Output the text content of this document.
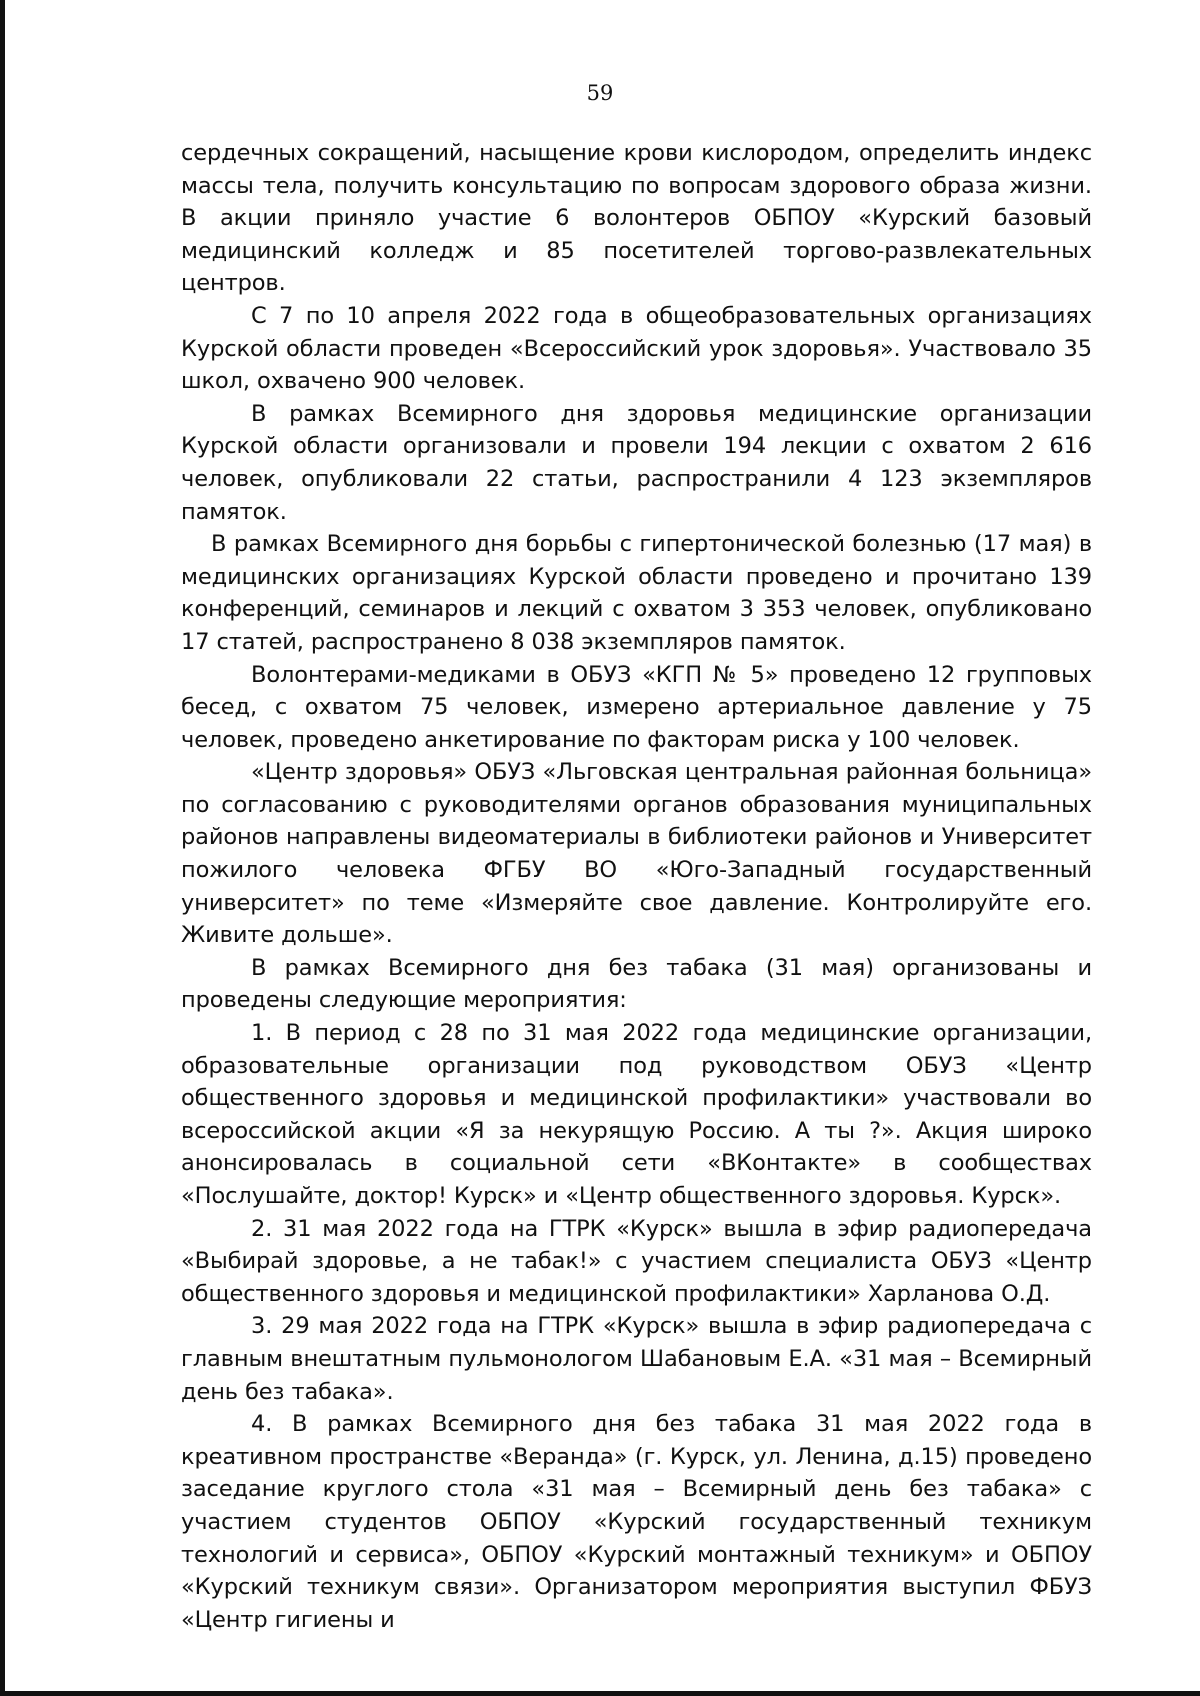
59

сердечных сокращений, насыщение крови кислородом, определить индекс массы тела, получить консультацию по вопросам здорового образа жизни. В акции приняло участие 6 волонтеров ОБПОУ «Курский базовый медицинский колледж и 85 посетителей торгово-развлекательных центров.

С 7 по 10 апреля 2022 года в общеобразовательных организациях Курской области проведен «Всероссийский урок здоровья». Участвовало 35 школ, охвачено 900 человек.

В рамках Всемирного дня здоровья медицинские организации Курской области организовали и провели 194 лекции с охватом 2 616 человек, опубликовали 22 статьи, распространили 4 123 экземпляров памяток.

В рамках Всемирного дня борьбы с гипертонической болезнью (17 мая) в медицинских организациях Курской области проведено и прочитано 139 конференций, семинаров и лекций с охватом 3 353 человек, опубликовано 17 статей, распространено 8 038 экземпляров памяток.

Волонтерами-медиками в ОБУЗ «КГП № 5» проведено 12 групповых бесед, с охватом 75 человек, измерено артериальное давление у 75 человек, проведено анкетирование по факторам риска у 100 человек.

«Центр здоровья» ОБУЗ «Льговская центральная районная больница» по согласованию с руководителями органов образования муниципальных районов направлены видеоматериалы в библиотеки районов и Университет пожилого человека ФГБУ ВО «Юго-Западный государственный университет» по теме «Измеряйте свое давление. Контролируйте его. Живите дольше».

В рамках Всемирного дня без табака (31 мая) организованы и проведены следующие мероприятия:

1. В период с 28 по 31 мая 2022 года медицинские организации, образовательные организации под руководством ОБУЗ «Центр общественного здоровья и медицинской профилактики» участвовали во всероссийской акции «Я за некурящую Россию. А ты ?». Акция широко анонсировалась в социальной сети «ВКонтакте» в сообществах «Послушайте, доктор! Курск» и «Центр общественного здоровья. Курск».

2. 31 мая 2022 года на ГТРК «Курск» вышла в эфир радиопередача «Выбирай здоровье, а не табак!» с участием специалиста ОБУЗ «Центр общественного здоровья и медицинской профилактики» Харланова О.Д.

3. 29 мая 2022 года на ГТРК «Курск» вышла в эфир радиопередача с главным внештатным пульмонологом Шабановым Е.А. «31 мая – Всемирный день без табака».

4. В рамках Всемирного дня без табака 31 мая 2022 года в креативном пространстве «Веранда» (г. Курск, ул. Ленина, д.15) проведено заседание круглого стола «31 мая – Всемирный день без табака» с участием студентов ОБПОУ «Курский государственный техникум технологий и сервиса», ОБПОУ «Курский монтажный техникум» и ОБПОУ «Курский техникум связи». Организатором мероприятия выступил ФБУЗ «Центр гигиены и
